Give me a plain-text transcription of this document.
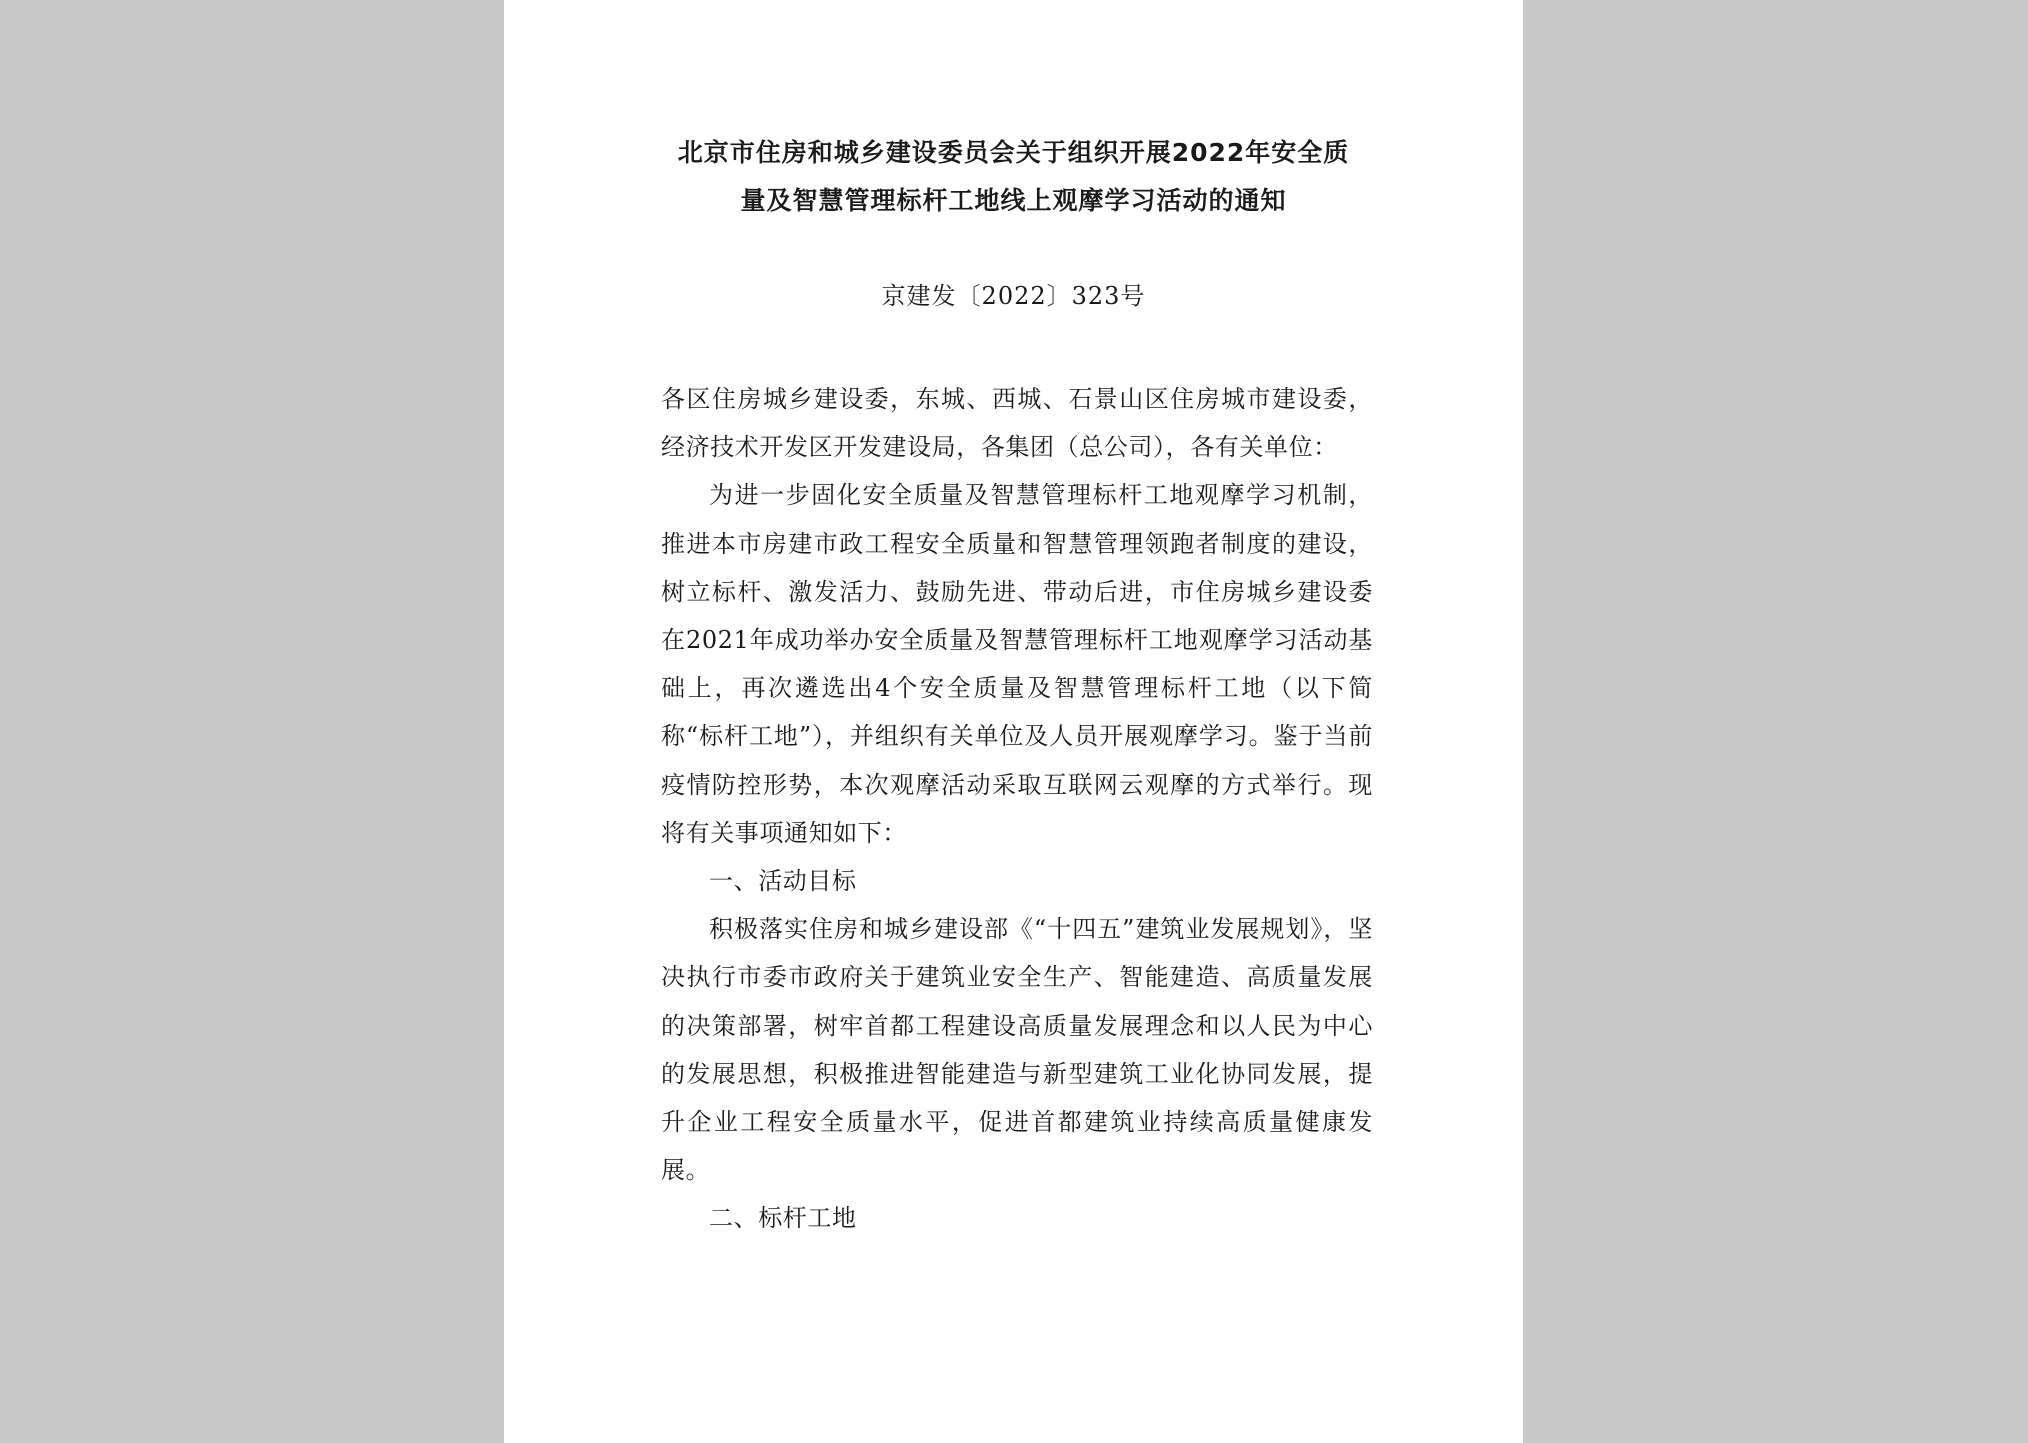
北京市住房和城乡建设委员会关于组织开展2022年安全质
量及智慧管理标杆工地线上观摩学习活动的通知
京建发〔2022〕323号

各区住房城乡建设委，东城、西城、石景山区住房城市建设委，经济技术开发区开发建设局，各集团（总公司），各有关单位：

为进一步固化安全质量及智慧管理标杆工地观摩学习机制，推进本市房建市政工程安全质量和智慧管理领跑者制度的建设，树立标杆、激发活力、鼓励先进、带动后进，市住房城乡建设委在2021年成功举办安全质量及智慧管理标杆工地观摩学习活动基础上，再次遴选出4个安全质量及智慧管理标杆工地（以下简称“标杆工地”），并组织有关单位及人员开展观摩学习。鉴于当前疫情防控形势，本次观摩活动采取互联网云观摩的方式举行。现将有关事项通知如下：

一、活动目标

积极落实住房和城乡建设部《“十四五”建筑业发展规划》，坚决执行市委市政府关于建筑业安全生产、智能建造、高质量发展的决策部署，树牢首都工程建设高质量发展理念和以人民为中心的发展思想，积极推进智能建造与新型建筑工业化协同发展，提升企业工程安全质量水平，促进首都建筑业持续高质量健康发展。

二、标杆工地
